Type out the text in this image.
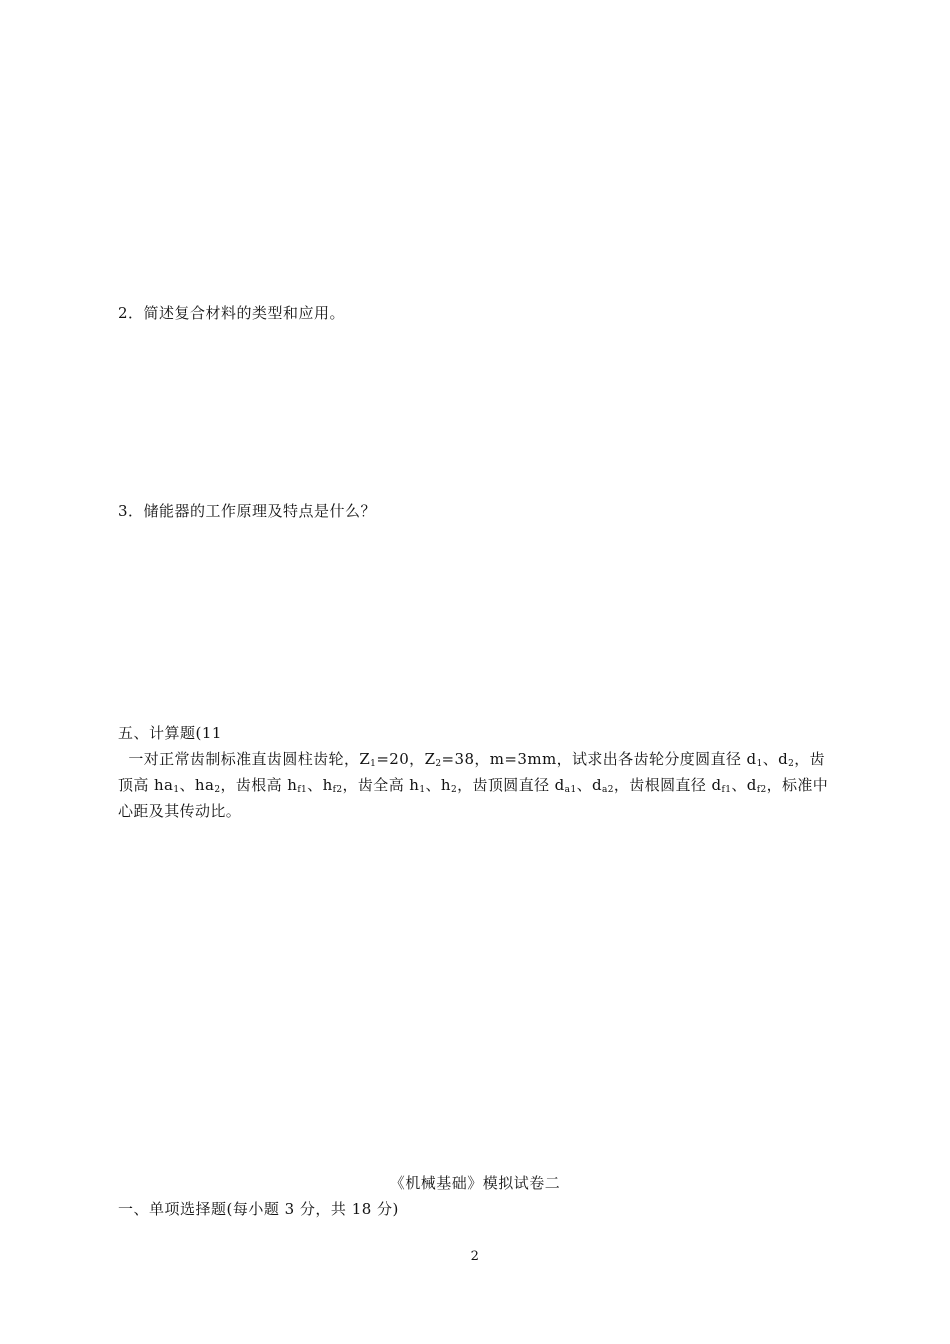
2．简述复合材料的类型和应用。
3．储能器的工作原理及特点是什么？
五、计算题(11
一对正常齿制标准直齿圆柱齿轮，$Z_1=20$，$Z_2=38$，m=3mm，试求出各齿轮分度圆直径 $d_1$、$d_2$，齿顶高 $ha_1$、$ha_2$，齿根高 $h_{f1}$、$h_{f2}$，齿全高 $h_1$、$h_2$，齿顶圆直径 $d_{a1}$、$d_{a2}$，齿根圆直径 $d_{f1}$、$d_{f2}$，标准中心距及其传动比。
《机械基础》模拟试卷二
一、单项选择题(每小题 3 分，共 18 分)
2
